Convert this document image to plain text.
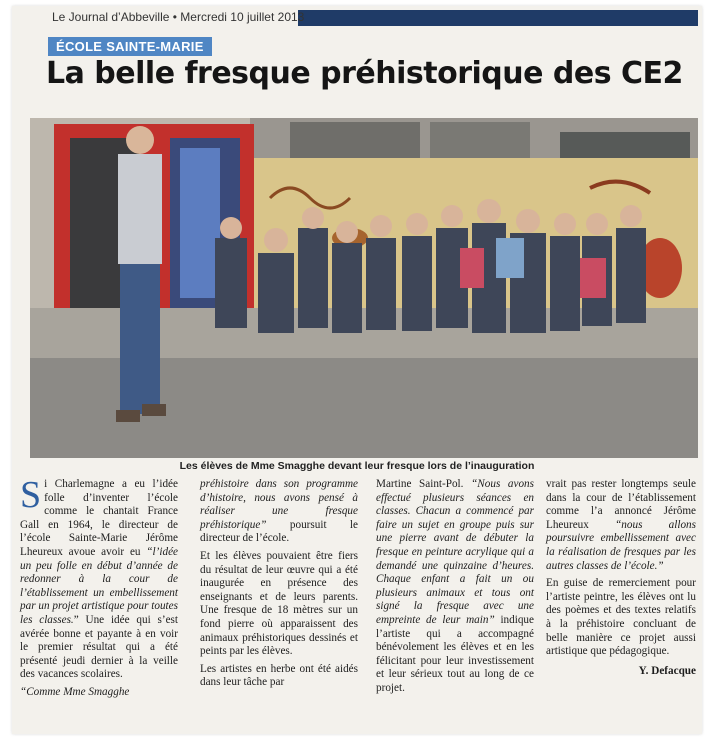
Le Journal d’Abbeville • Mercredi 10 juillet 2013
ÉCOLE SAINTE-MARIE
La belle fresque préhistorique des CE2
Les élèves de Mme Smagghe devant leur fresque lors de l’inauguration

Si Charlemagne a eu l’idée folle d’inventer l’école comme le chantait France Gall en 1964, le directeur de l’école Sainte-Marie Jérôme Lheureux avoue avoir eu “l’idée un peu folle en début d’année de redonner à la cour de l’établissement un embellissement par un projet artistique pour toutes les classes.” Une idée qui s’est avérée bonne et payante à en voir le premier résultat qui a été présenté jeudi dernier à la veille des vacances scolaires.

“Comme Mme Smagghe

préhistoire dans son programme d’histoire, nous avons pensé à réaliser une fresque préhistorique” poursuit le directeur de l’école.

Et les élèves pouvaient être fiers du résultat de leur œuvre qui a été inaugurée en présence des enseignants et de leurs parents. Une fresque de 18 mètres sur un fond pierre où apparaissent des animaux préhistoriques dessinés et peints par les élèves.

Les artistes en herbe ont été aidés dans leur tâche par

Martine Saint-Pol. “Nous avons effectué plusieurs séances en classes. Chacun a commencé par faire un sujet en groupe puis sur une pierre avant de débuter la fresque en peinture acrylique qui a demandé une quinzaine d’heures. Chaque enfant a fait un ou plusieurs animaux et tous ont signé la fresque avec une empreinte de leur main” indique l’artiste qui a accompagné bénévolement les élèves et en les félicitant pour leur investissement et leur sérieux tout au long de ce projet.

vrait pas rester longtemps seule dans la cour de l’établissement comme l’a annoncé Jérôme Lheureux “nous allons poursuivre embellissement avec la réalisation de fresques par les autres classes de l’école.”

En guise de remerciement pour l’artiste peintre, les élèves ont lu des poèmes et des textes relatifs à la préhistoire concluant de belle manière ce projet aussi artistique que pédagogique.

Y. Defacque
